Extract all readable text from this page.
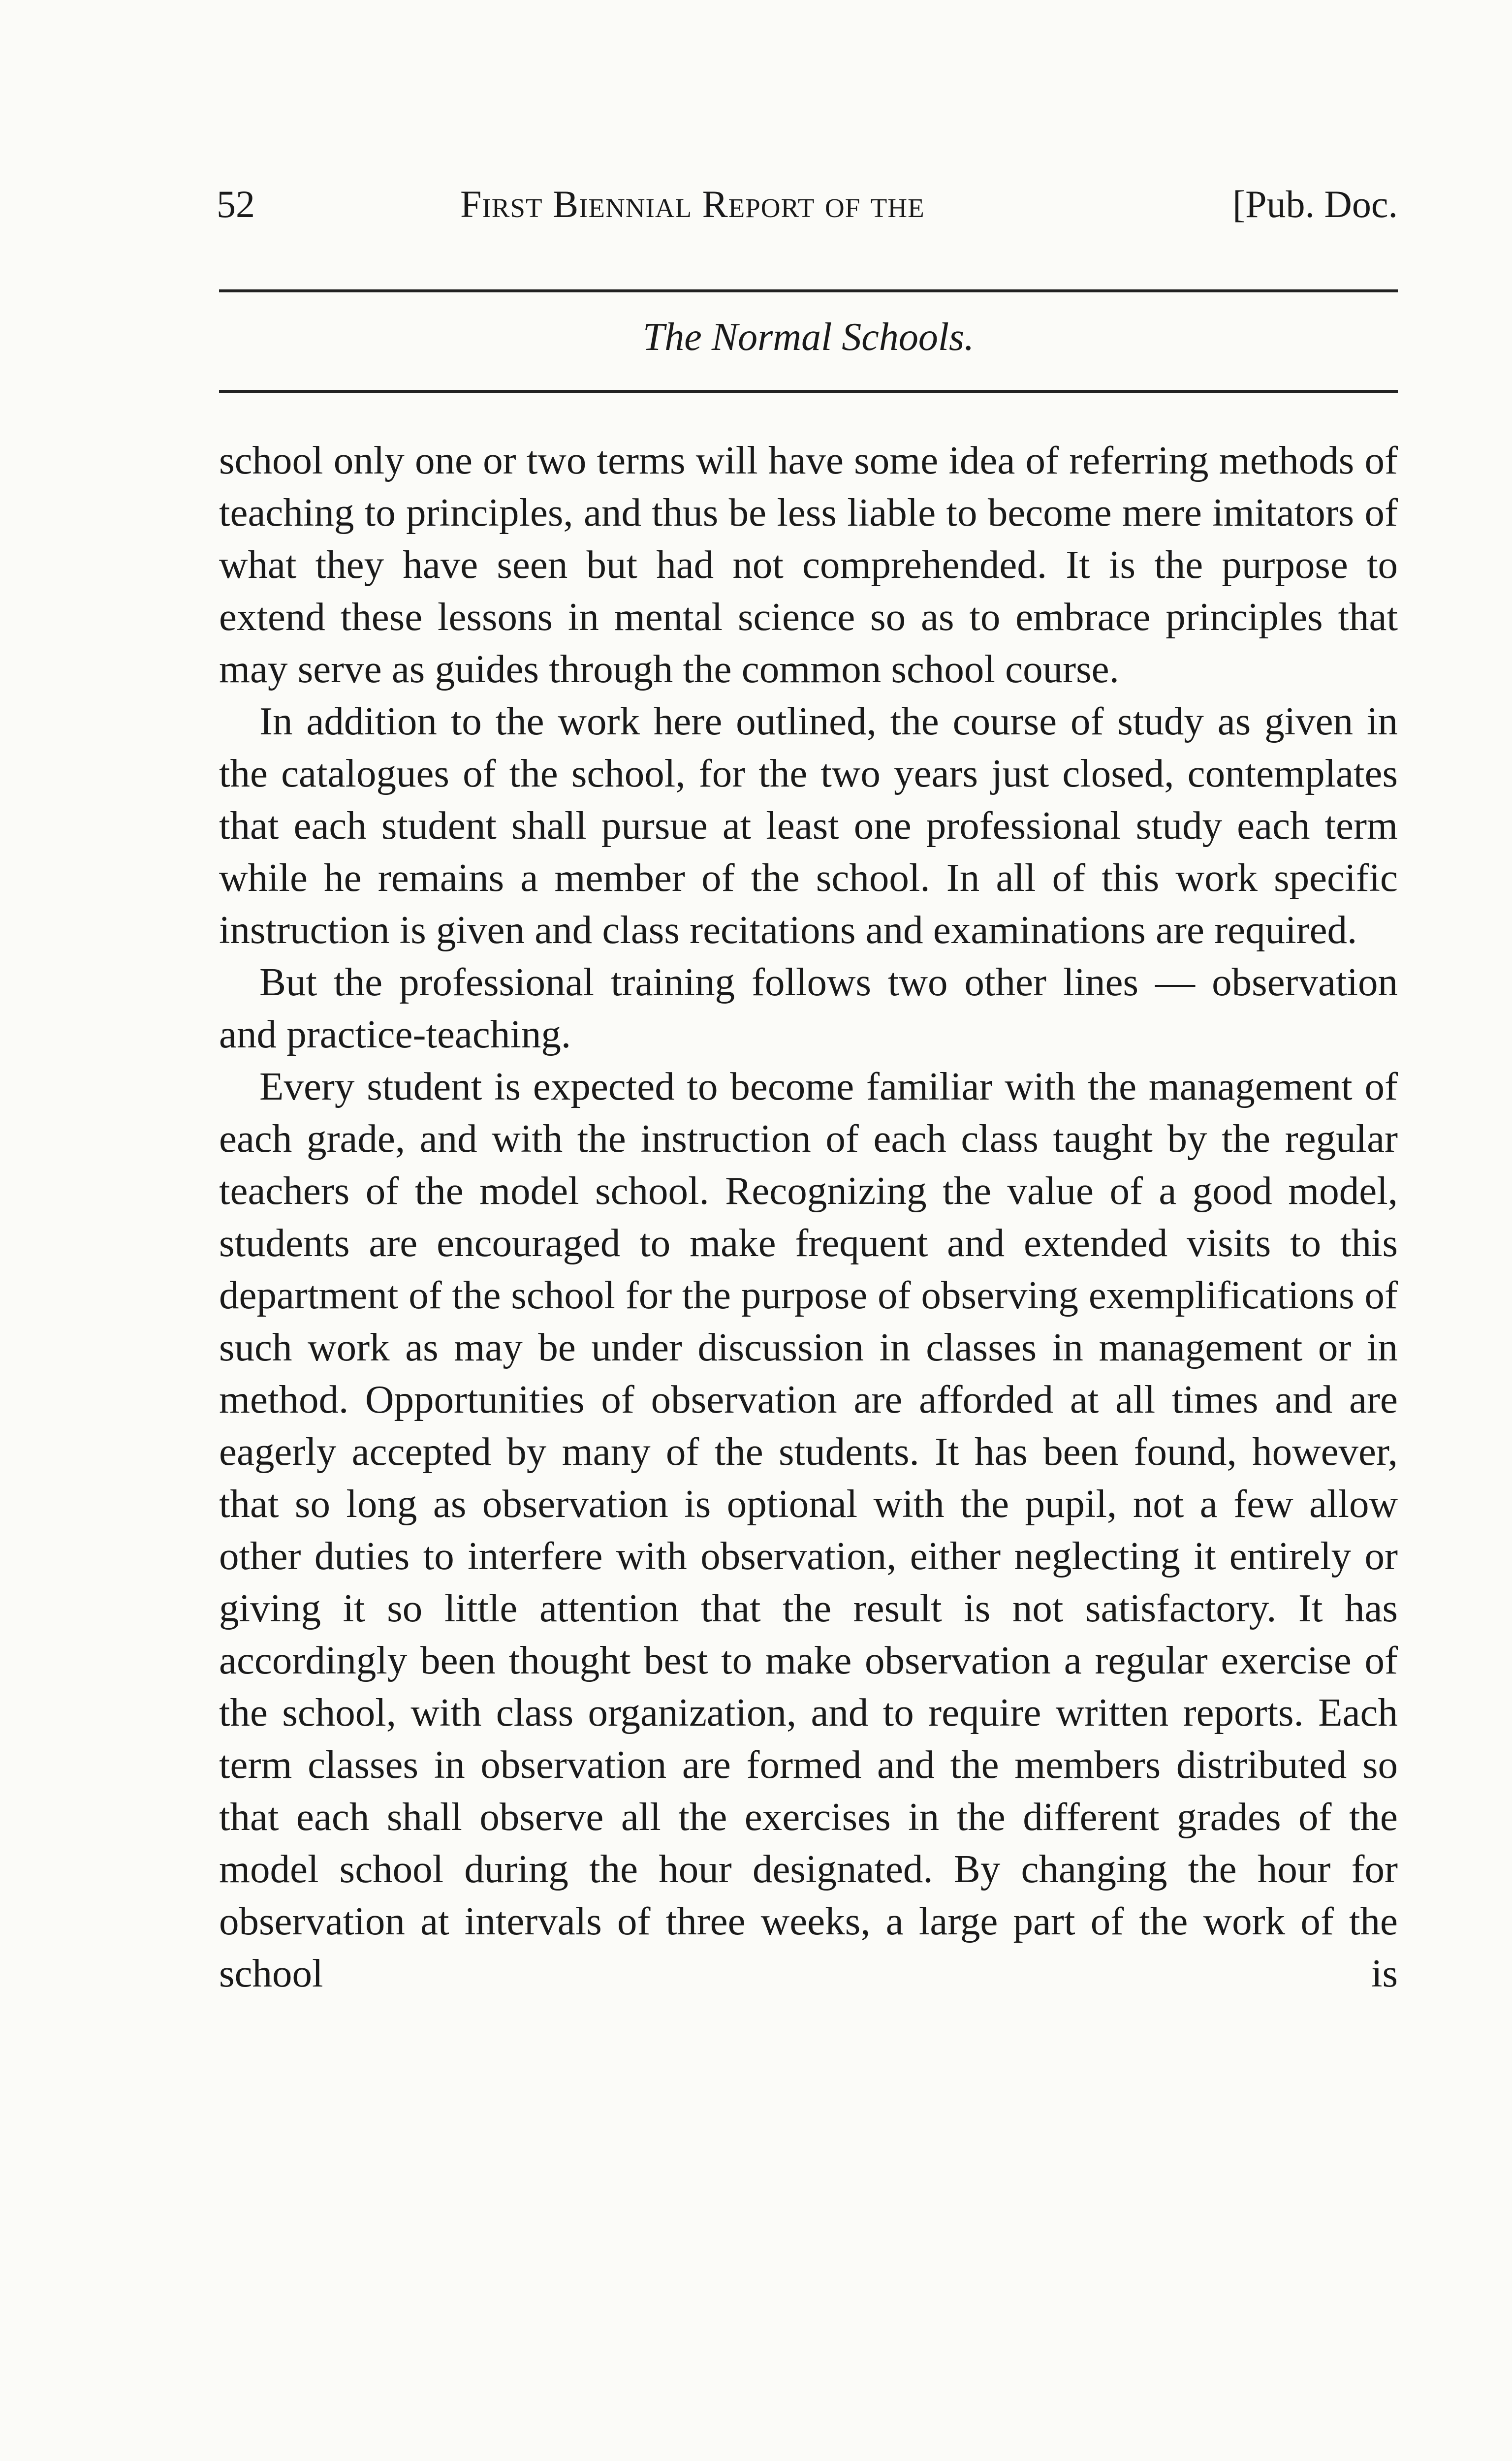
52	First Biennial Report of the	[Pub. Doc.
The Normal Schools.

school only one or two terms will have some idea of referring methods of teaching to principles, and thus be less liable to become mere imitators of what they have seen but had not comprehended. It is the purpose to extend these lessons in mental science so as to embrace principles that may serve as guides through the common school course.

In addition to the work here outlined, the course of study as given in the catalogues of the school, for the two years just closed, contemplates that each student shall pursue at least one professional study each term while he remains a member of the school. In all of this work specific instruction is given and class recitations and examinations are required.

But the professional training follows two other lines — observation and practice-teaching.

Every student is expected to become familiar with the management of each grade, and with the instruction of each class taught by the regular teachers of the model school. Recognizing the value of a good model, students are encouraged to make frequent and extended visits to this department of the school for the purpose of observing exemplifications of such work as may be under discussion in classes in management or in method. Opportunities of observation are afforded at all times and are eagerly accepted by many of the students. It has been found, however, that so long as observation is optional with the pupil, not a few allow other duties to interfere with observation, either neglecting it entirely or giving it so little attention that the result is not satisfactory. It has accordingly been thought best to make observation a regular exercise of the school, with class organization, and to require written reports. Each term classes in observation are formed and the members distributed so that each shall observe all the exercises in the different grades of the model school during the hour designated. By changing the hour for observation at intervals of three weeks, a large part of the work of the school is
